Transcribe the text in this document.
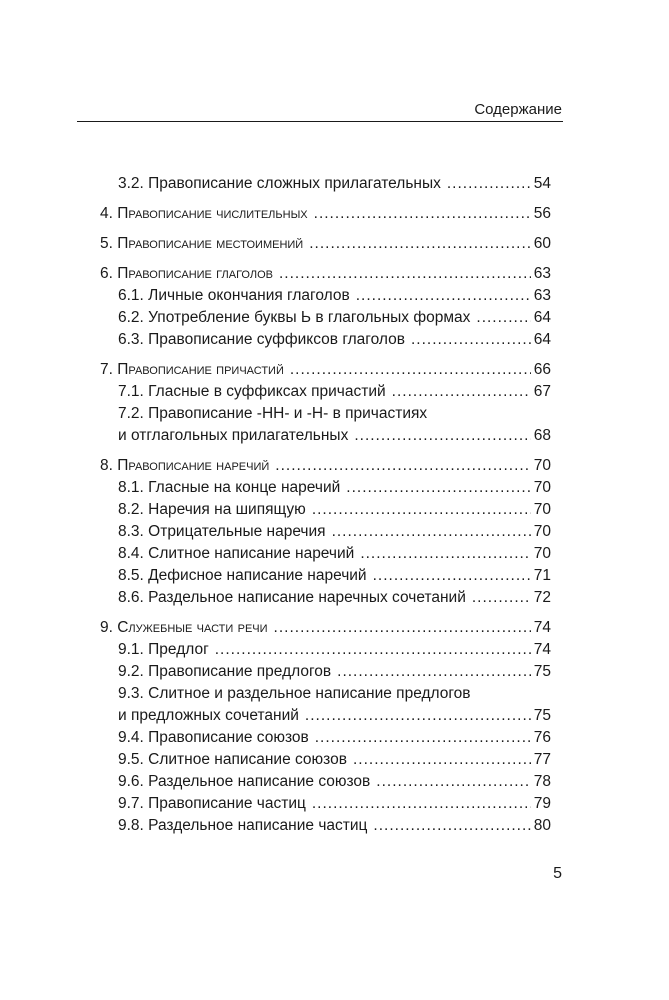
Содержание
3.2. Правописание сложных прилагательных .....	54
4. Правописание числительных .....	56
5. Правописание местоимений .....	60
6. Правописание глаголов .....	63
6.1. Личные окончания глаголов .....	63
6.2. Употребление буквы Ь в глагольных формах .....	64
6.3. Правописание суффиксов глаголов .....	64
7. Правописание причастий .....	66
7.1. Гласные в суффиксах причастий .....	67
7.2. Правописание -НН- и -Н- в причастиях
и отглагольных прилагательных .....	68
8. Правописание наречий .....	70
8.1. Гласные на конце наречий .....	70
8.2. Наречия на шипящую .....	70
8.3. Отрицательные наречия .....	70
8.4. Слитное написание наречий .....	70
8.5. Дефисное написание наречий .....	71
8.6. Раздельное написание наречных сочетаний .....	72
9. Служебные части речи .....	74
9.1. Предлог .....	74
9.2. Правописание предлогов .....	75
9.3. Слитное и раздельное написание предлогов
и предложных сочетаний .....	75
9.4. Правописание союзов .....	76
9.5. Слитное написание союзов .....	77
9.6. Раздельное написание союзов .....	78
9.7. Правописание частиц .....	79
9.8. Раздельное написание частиц .....	80
5
